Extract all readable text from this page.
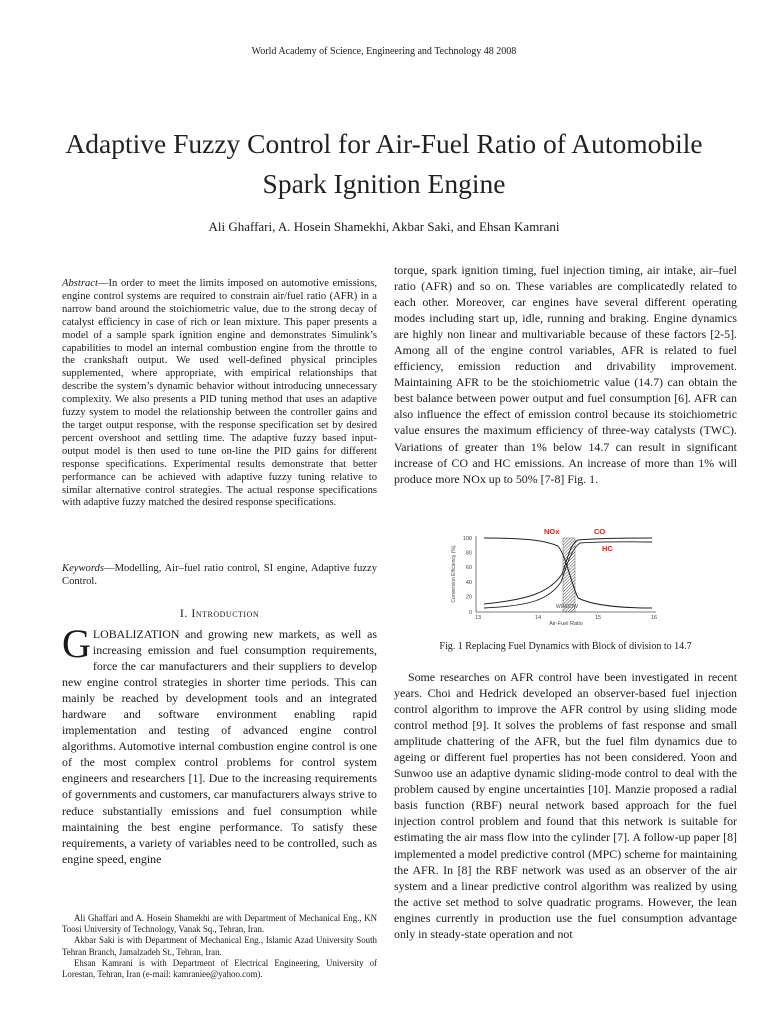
World Academy of Science, Engineering and Technology 48 2008
Adaptive Fuzzy Control for Air-Fuel Ratio of Automobile Spark Ignition Engine
Ali Ghaffari, A. Hosein Shamekhi, Akbar Saki, and Ehsan Kamrani
Abstract—In order to meet the limits imposed on automotive emissions, engine control systems are required to constrain air/fuel ratio (AFR) in a narrow band around the stoichiometric value, due to the strong decay of catalyst efficiency in case of rich or lean mixture. This paper presents a model of a sample spark ignition engine and demonstrates Simulink’s capabilities to model an internal combustion engine from the throttle to the crankshaft output. We used well-defined physical principles supplemented, where appropriate, with empirical relationships that describe the system’s dynamic behavior without introducing unnecessary complexity. We also presents a PID tuning method that uses an adaptive fuzzy system to model the relationship between the controller gains and the target output response, with the response specification set by desired percent overshoot and settling time. The adaptive fuzzy based input-output model is then used to tune on-line the PID gains for different response specifications. Experimental results demonstrate that better performance can be achieved with adaptive fuzzy tuning relative to similar alternative control strategies. The actual response specifications with adaptive fuzzy matched the desired response specifications.
Keywords—Modelling, Air–fuel ratio control, SI engine, Adaptive fuzzy Control.
I. Introduction
GLOBALIZATION and growing new markets, as well as increasing emission and fuel consumption requirements, force the car manufacturers and their suppliers to develop new engine control strategies in shorter time periods. This can mainly be reached by development tools and an integrated hardware and software environment enabling rapid implementation and testing of advanced engine control algorithms. Automotive internal combustion engine control is one of the most complex control problems for control system engineers and researchers [1]. Due to the increasing requirements of governments and customers, car manufacturers always strive to reduce substantially emissions and fuel consumption while maintaining the best engine performance. To satisfy these requirements, a variety of variables need to be controlled, such as engine speed, engine

Ali Ghaffari and A. Hosein Shamekhi are with Department of Mechanical Eng., KN Toosi University of Technology, Vanak Sq., Tehran, Iran.

Akbar Saki is with Department of Mechanical Eng., Islamic Azad University South Tehran Branch, Jamalzadeh St., Tehran, Iran.

Ehsan Kamrani is with Department of Electrical Engineering, University of Lorestan, Tehran, Iran (e-mail: kamraniee@yahoo.com).

torque, spark ignition timing, fuel injection timing, air intake, air–fuel ratio (AFR) and so on. These variables are complicatedly related to each other. Moreover, car engines have several different operating modes including start up, idle, running and braking. Engine dynamics are highly non linear and multivariable because of these factors [2-5]. Among all of the engine control variables, AFR is related to fuel efficiency, emission reduction and drivability improvement. Maintaining AFR to be the stoichiometric value (14.7) can obtain the best balance between power output and fuel consumption [6]. AFR can also influence the effect of emission control because its stoichiometric value ensures the maximum efficiency of three-way catalysts (TWC). Variations of greater than 1% below 14.7 can result in significant increase of CO and HC emissions. An increase of more than 1% will produce more NOx up to 50% [7-8] Fig. 1.
100
80
60
40
20
0
13	14	15	16
Air-Fuel Ratio
Conversion Efficiency (%)
NOx	CO
HC
WINDOW
Fig. 1 Replacing Fuel Dynamics with Block of division to 14.7
Some researches on AFR control have been investigated in recent years. Choi and Hedrick developed an observer-based fuel injection control algorithm to improve the AFR control by using sliding mode control method [9]. It solves the problems of fast response and small amplitude chattering of the AFR, but the fuel film dynamics due to ageing or different fuel properties has not been considered. Yoon and Sunwoo use an adaptive dynamic sliding-mode control to deal with the problem caused by engine uncertainties [10]. Manzie proposed a radial basis function (RBF) neural network based approach for the fuel injection control problem and found that this network is suitable for estimating the air mass flow into the cylinder [7]. A follow-up paper [8] implemented a model predictive control (MPC) scheme for maintaining the AFR. In [8] the RBF network was used as an observer of the air system and a linear predictive control algorithm was realized by using the active set method to solve quadratic programs. However, the lean engines currently in production use the fuel consumption advantage only in steady-state operation and not
